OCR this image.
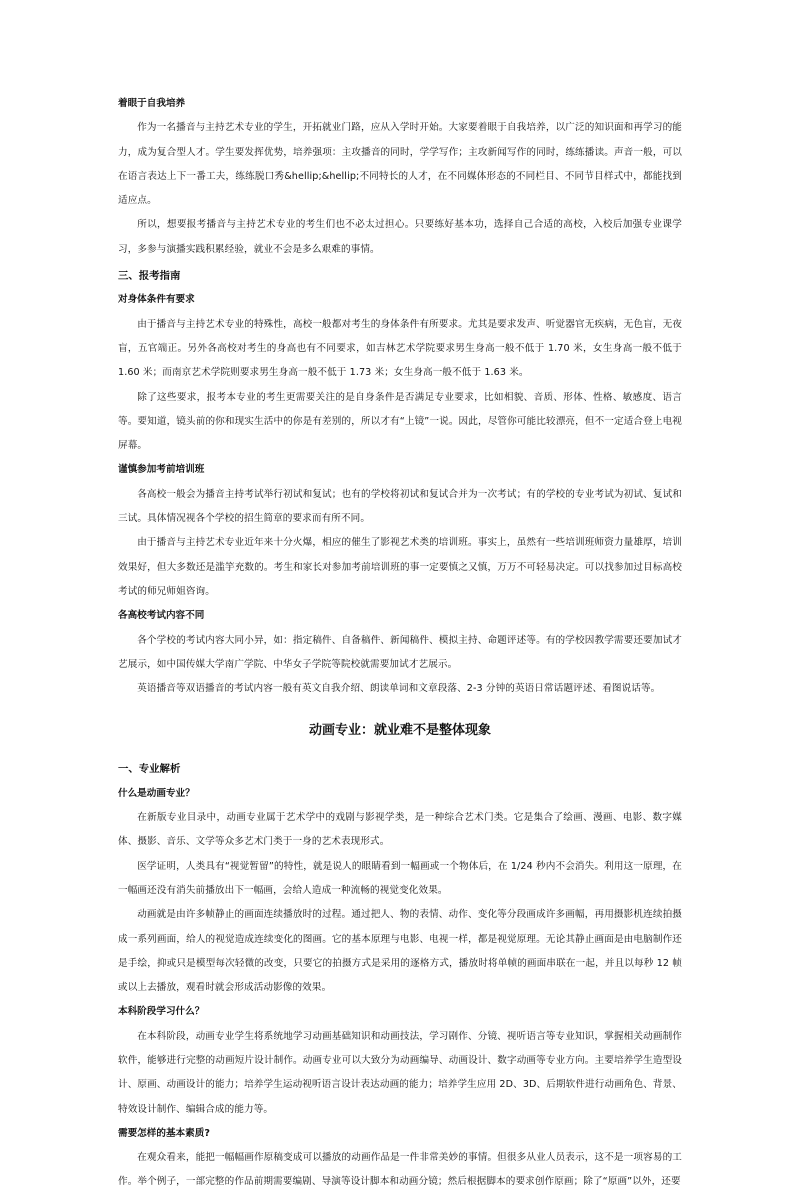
着眼于自我培养
作为一名播音与主持艺术专业的学生，开拓就业门路，应从入学时开始。大家要着眼于自我培养，以广泛的知识面和再学习的能力，成为复合型人才。学生要发挥优势，培养强项：主攻播音的同时，学学写作；主攻新闻写作的同时，练练播读。声音一般，可以在语言表达上下一番工夫，练练脱口秀&hellip;&hellip;不同特长的人才，在不同媒体形态的不同栏目、不同节目样式中，都能找到适应点。
所以，想要报考播音与主持艺术专业的考生们也不必太过担心。只要练好基本功，选择自己合适的高校，入校后加强专业课学习，多参与演播实践积累经验，就业不会是多么艰难的事情。
三、报考指南
对身体条件有要求
由于播音与主持艺术专业的特殊性，高校一般都对考生的身体条件有所要求。尤其是要求发声、听觉器官无疾病，无色盲，无夜盲，五官端正。另外各高校对考生的身高也有不同要求，如吉林艺术学院要求男生身高一般不低于 1.70 米，女生身高一般不低于 1.60 米；而南京艺术学院则要求男生身高一般不低于 1.73 米；女生身高一般不低于 1.63 米。
除了这些要求，报考本专业的考生更需要关注的是自身条件是否满足专业要求，比如相貌、音质、形体、性格、敏感度、语言等。要知道，镜头前的你和现实生活中的你是有差别的，所以才有“上镜”一说。因此，尽管你可能比较漂亮，但不一定适合登上电视屏幕。
谨慎参加考前培训班
各高校一般会为播音主持考试举行初试和复试；也有的学校将初试和复试合并为一次考试；有的学校的专业考试为初试、复试和三试。具体情况视各个学校的招生简章的要求而有所不同。
由于播音与主持艺术专业近年来十分火爆，相应的催生了影视艺术类的培训班。事实上，虽然有一些培训班师资力量雄厚，培训效果好，但大多数还是滥竽充数的。考生和家长对参加考前培训班的事一定要慎之又慎，万万不可轻易决定。可以找参加过目标高校考试的师兄师姐咨询。
各高校考试内容不同
各个学校的考试内容大同小异，如：指定稿件、自备稿件、新闻稿件、模拟主持、命题评述等。有的学校因教学需要还要加试才艺展示，如中国传媒大学南广学院、中华女子学院等院校就需要加试才艺展示。
英语播音等双语播音的考试内容一般有英文自我介绍、朗读单词和文章段落、2-3 分钟的英语日常话题评述、看图说话等。
动画专业：就业难不是整体现象
一、专业解析
什么是动画专业？
在新版专业目录中，动画专业属于艺术学中的戏剧与影视学类，是一种综合艺术门类。它是集合了绘画、漫画、电影、数字媒体、摄影、音乐、文学等众多艺术门类于一身的艺术表现形式。
医学证明，人类具有“视觉暂留”的特性，就是说人的眼睛看到一幅画或一个物体后，在 1/24 秒内不会消失。利用这一原理，在一幅画还没有消失前播放出下一幅画，会给人造成一种流畅的视觉变化效果。
动画就是由许多帧静止的画面连续播放时的过程。通过把人、物的表情、动作、变化等分段画成许多画幅，再用摄影机连续拍摄成一系列画面，给人的视觉造成连续变化的图画。它的基本原理与电影、电视一样，都是视觉原理。无论其静止画面是由电脑制作还是手绘，抑或只是模型每次轻微的改变，只要它的拍摄方式是采用的逐格方式，播放时将单帧的画面串联在一起，并且以每秒 12 帧或以上去播放，观看时就会形成活动影像的效果。
本科阶段学习什么？
在本科阶段，动画专业学生将系统地学习动画基础知识和动画技法，学习剧作、分镜、视听语言等专业知识，掌握相关动画制作软件，能够进行完整的动画短片设计制作。动画专业可以大致分为动画编导、动画设计、数字动画等专业方向。主要培养学生造型设计、原画、动画设计的能力；培养学生运动视听语言设计表达动画的能力；培养学生应用 2D、3D、后期软件进行动画角色、背景、特效设计制作、编辑合成的能力等。
需要怎样的基本素质?
在观众看来，能把一幅幅画作原稿变成可以播放的动画作品是一件非常美妙的事情。但很多从业人员表示，这不是一项容易的工作。举个例子，一部完整的作品前期需要编剧、导演等设计脚本和动画分镜；然后根据脚本的要求创作原画；除了“原画”以外，还要
